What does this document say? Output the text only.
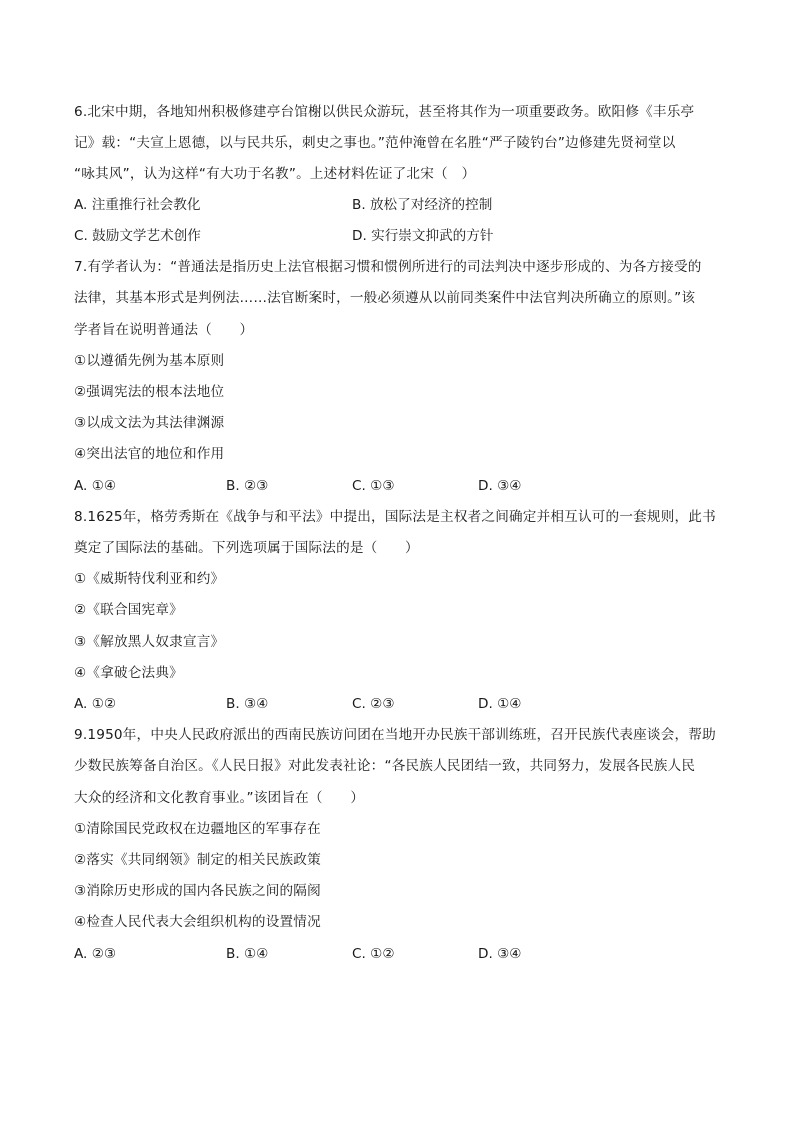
6.北宋中期，各地知州积极修建亭台馆榭以供民众游玩，甚至将其作为一项重要政务。欧阳修《丰乐亭
记》载：“夫宣上恩德，以与民共乐，刺史之事也。”范仲淹曾在名胜“严子陵钓台”边修建先贤祠堂以
“咏其风”，认为这样“有大功于名教”。上述材料佐证了北宋（　）
A. 注重推行社会教化	B. 放松了对经济的控制
C. 鼓励文学艺术创作	D. 实行崇文抑武的方针
7.有学者认为：“普通法是指历史上法官根据习惯和惯例所进行的司法判决中逐步形成的、为各方接受的
法律，其基本形式是判例法……法官断案时，一般必须遵从以前同类案件中法官判决所确立的原则。”该
学者旨在说明普通法（　　）
①以遵循先例为基本原则
②强调宪法的根本法地位
③以成文法为其法律渊源
④突出法官的地位和作用
A. ①④	B. ②③	C. ①③	D. ③④
8.1625年，格劳秀斯在《战争与和平法》中提出，国际法是主权者之间确定并相互认可的一套规则，此书
奠定了国际法的基础。下列选项属于国际法的是（　　）
①《威斯特伐利亚和约》
②《联合国宪章》
③《解放黑人奴隶宣言》
④《拿破仑法典》
A. ①②	B. ③④	C. ②③	D. ①④
9.1950年，中央人民政府派出的西南民族访问团在当地开办民族干部训练班，召开民族代表座谈会，帮助
少数民族筹备自治区。《人民日报》对此发表社论：“各民族人民团结一致，共同努力，发展各民族人民
大众的经济和文化教育事业。”该团旨在（　　）
①清除国民党政权在边疆地区的军事存在
②落实《共同纲领》制定的相关民族政策
③消除历史形成的国内各民族之间的隔阂
④检查人民代表大会组织机构的设置情况
A. ②③	B. ①④	C. ①②	D. ③④
